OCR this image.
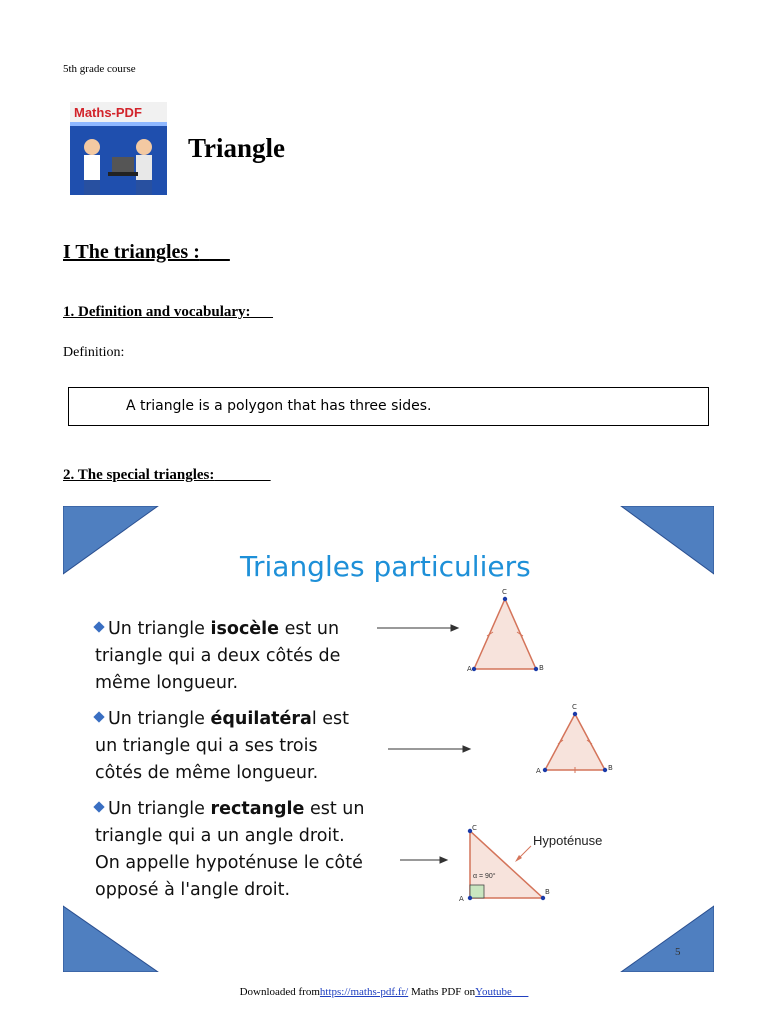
5th grade course
Maths-PDF
Triangle
I The triangles :
1. Definition and vocabulary:
Definition:
A triangle is a polygon that has three sides.
2. The special triangles:
Triangles particuliers
Un triangle isocèle est un
triangle qui a deux côtés de
même longueur.
Un triangle équilatéral est
un triangle qui a ses trois
côtés de même longueur.
Un triangle rectangle est un
triangle qui a un angle droit.
On appelle hypoténuse le côté
opposé à l'angle droit.
C
A	B
C
A	B
C
A
B
Hypoténuse
α = 90°
5
Downloaded fromhttps://maths-pdf.fr/ Maths PDF onYoutube
